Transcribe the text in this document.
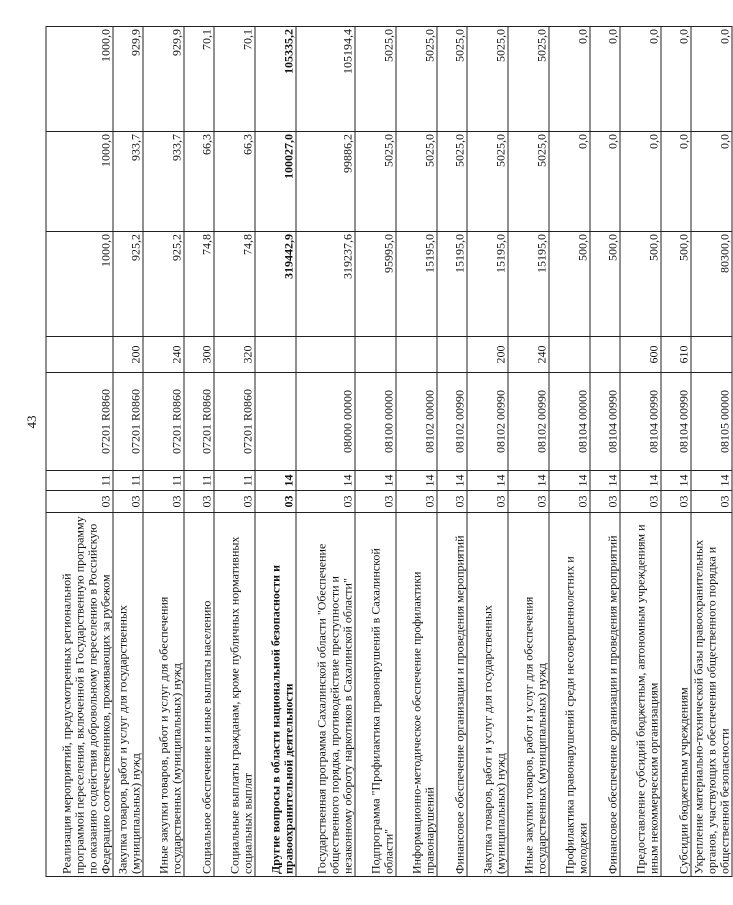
43
Реализация мероприятий, предусмотренных региональной программой переселения, включенной в Государственную программу по оказанию содействия добровольному переселению в Российскую Федерацию соотечественников, проживающих за рубежом	03	11	07201 R0860		1000,0	1000,0	1000,0
Закупка товаров, работ и услуг для государственных (муниципальных) нужд	03	11	07201 R0860	200	925,2	933,7	929,9
Иные закупки товаров, работ и услуг для обеспечения государственных (муниципальных) нужд	03	11	07201 R0860	240	925,2	933,7	929,9
Социальное обеспечение и иные выплаты населению	03	11	07201 R0860	300	74,8	66,3	70,1
Социальные выплаты гражданам, кроме публичных нормативных социальных выплат	03	11	07201 R0860	320	74,8	66,3	70,1
Другие вопросы в области национальной безопасности и правоохранительной деятельности	03	14			319442,9	100027,0	105335,2
Государственная программа Сахалинской области "Обеспечение общественного порядка, противодействие преступности и незаконному обороту наркотиков в Сахалинской области"	03	14	08000 00000		319237,6	99886,2	105194,4
Подпрограмма "Профилактика правонарушений в Сахалинской области"	03	14	08100 00000		95995,0	5025,0	5025,0
Информационно-методическое обеспечение профилактики правонарушений	03	14	08102 00000		15195,0	5025,0	5025,0
Финансовое обеспечение организации и проведения мероприятий	03	14	08102 00990		15195,0	5025,0	5025,0
Закупка товаров, работ и услуг для государственных (муниципальных) нужд	03	14	08102 00990	200	15195,0	5025,0	5025,0
Иные закупки товаров, работ и услуг для обеспечения государственных (муниципальных) нужд	03	14	08102 00990	240	15195,0	5025,0	5025,0
Профилактика правонарушений среди несовершеннолетних и молодежи	03	14	08104 00000		500,0	0,0	0,0
Финансовое обеспечение организации и проведения мероприятий	03	14	08104 00990		500,0	0,0	0,0
Предоставление субсидий бюджетным, автономным учреждениям и иным некоммерческим организациям	03	14	08104 00990	600	500,0	0,0	0,0
Субсидии бюджетным учреждениям	03	14	08104 00990	610	500,0	0,0	0,0
Укрепление материально-технической базы правоохранительных органов, участвующих в обеспечении общественного порядка и общественной безопасности	03	14	08105 00000		80300,0	0,0	0,0
